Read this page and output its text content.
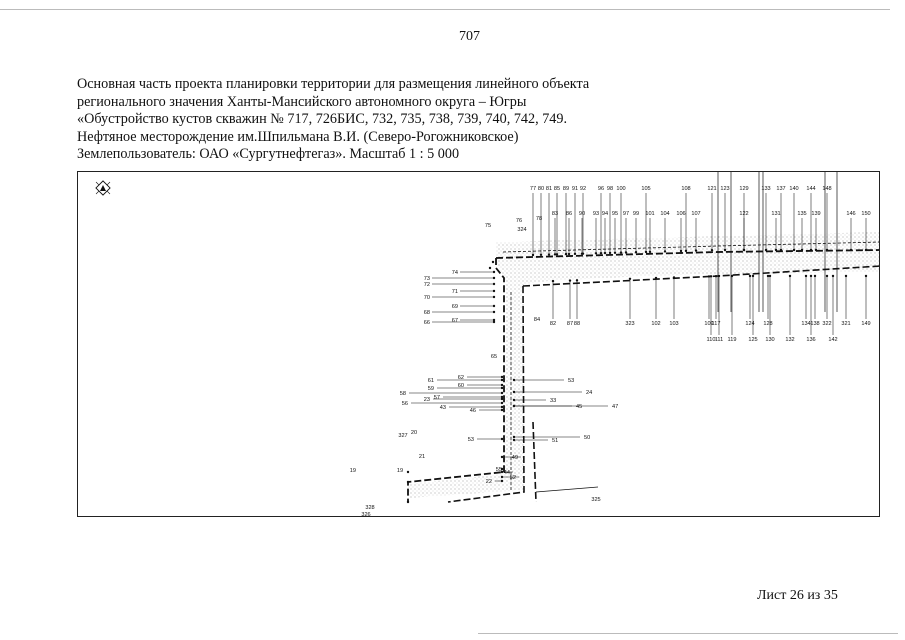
707
Основная часть проекта планировки территории для размещения линейного объекта
регионального значения Ханты-Мансийского автономного округа – Югры
«Обустройство кустов скважин № 717, 726БИС, 732, 735, 738, 739, 740, 742, 749.
Нефтяное месторождение им.Шпильмана В.И. (Северо-Рогожниковское)
Землепользователь: ОАО «Сургутнефтегаз». Масштаб 1 : 5 000
77 80 81 85 89 91 92 96 98 100	105	108	121 123 129 133 137 140 144 148
83 86 90 93 94 95 97 99 101 104 106 107	122	131	135 139	146 150
73
74
72
71
70
69
68
67
66	82 87 88	323	102 103	109
117	124 128	134 138 322 321 149
110 111 119 125 130 132 136 142
53
24
33
45	47
50
51
61	62
59	60
58
23 57
56
43	46
53
55
49
44
52
22
75
76
324
78
84
65
19
327 20
21
19
328
326
325
Лист 26 из 35
